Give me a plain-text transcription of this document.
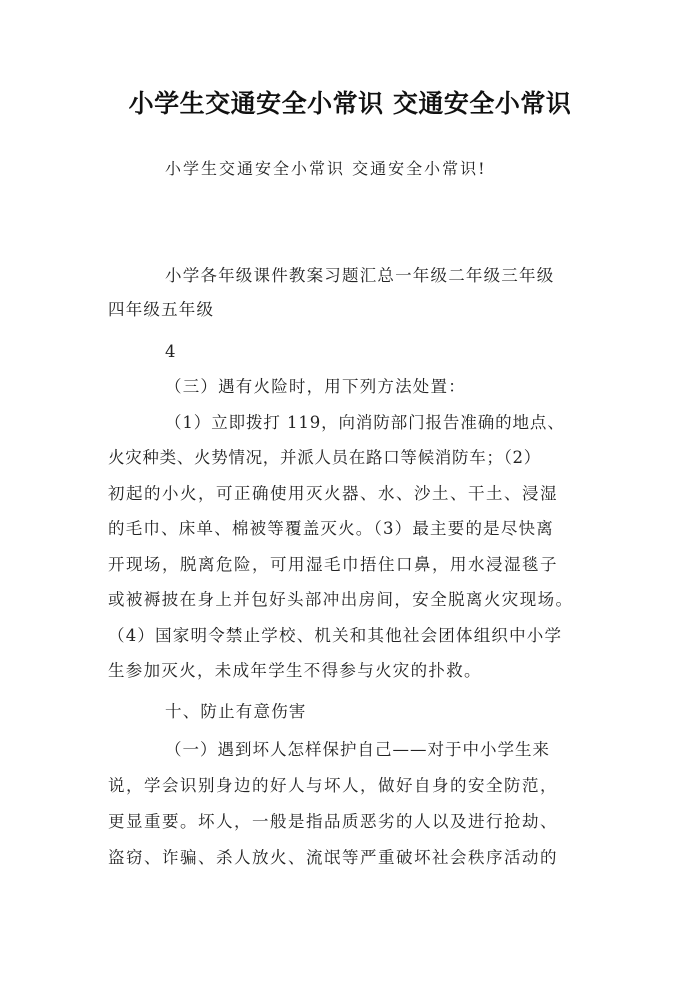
小学生交通安全小常识 交通安全小常识
小学生交通安全小常识 交通安全小常识!
小学各年级课件教案习题汇总一年级二年级三年级
四年级五年级
4
（三）遇有火险时，用下列方法处置：
（1）立即拨打 119，向消防部门报告准确的地点、
火灾种类、火势情况，并派人员在路口等候消防车；（2）
初起的小火，可正确使用灭火器、水、沙土、干土、浸湿
的毛巾、床单、棉被等覆盖灭火。（3）最主要的是尽快离
开现场，脱离危险，可用湿毛巾捂住口鼻，用水浸湿毯子
或被褥披在身上并包好头部冲出房间，安全脱离火灾现场。
（4）国家明令禁止学校、机关和其他社会团体组织中小学
生参加灭火，未成年学生不得参与火灾的扑救。
十、防止有意伤害
（一）遇到坏人怎样保护自己——对于中小学生来
说，学会识别身边的好人与坏人，做好自身的安全防范，
更显重要。坏人，一般是指品质恶劣的人以及进行抢劫、
盗窃、诈骗、杀人放火、流氓等严重破坏社会秩序活动的
